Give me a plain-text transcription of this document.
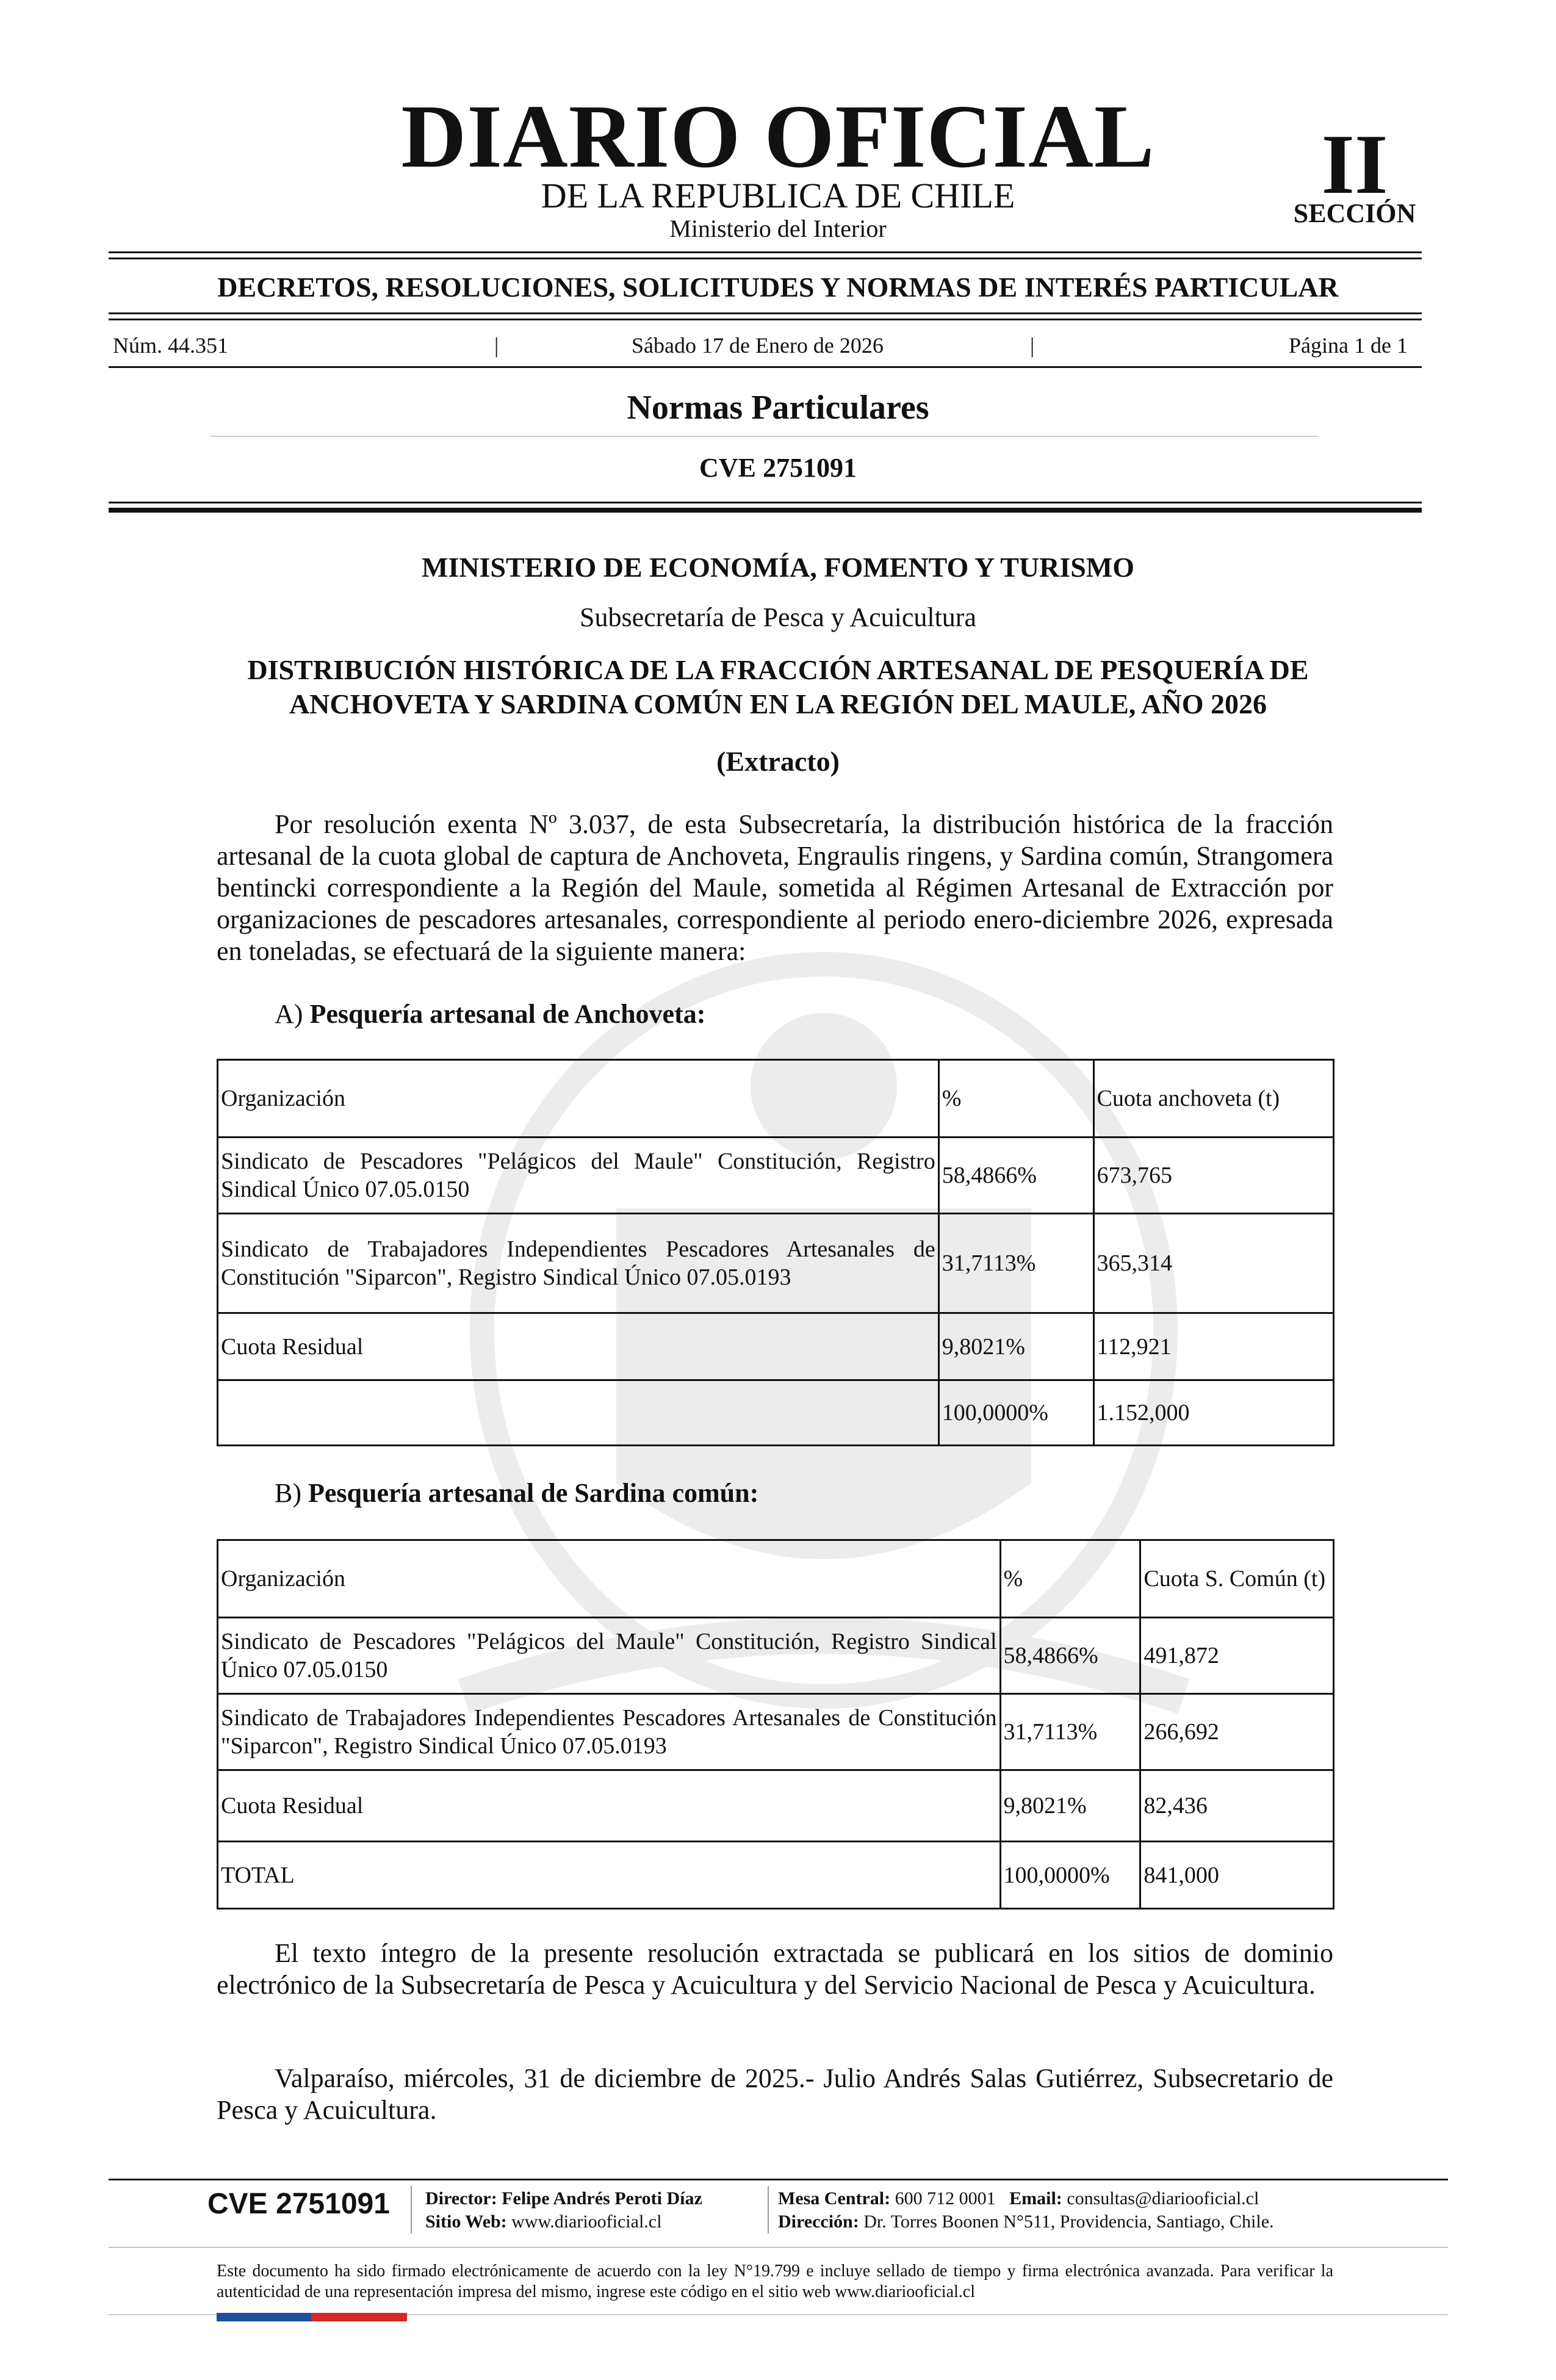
DIARIO OFICIAL
DE LA REPUBLICA DE CHILE
Ministerio del Interior
II
SECCIÓN
DECRETOS, RESOLUCIONES, SOLICITUDES Y NORMAS DE INTERÉS PARTICULAR
Núm. 44.351	|	Sábado 17 de Enero de 2026	|	Página 1 de 1
Normas Particulares
CVE 2751091
MINISTERIO DE ECONOMÍA, FOMENTO Y TURISMO
Subsecretaría de Pesca y Acuicultura
DISTRIBUCIÓN HISTÓRICA DE LA FRACCIÓN ARTESANAL DE PESQUERÍA DE
ANCHOVETA Y SARDINA COMÚN EN LA REGIÓN DEL MAULE, AÑO 2026
(Extracto)
Por resolución exenta Nº 3.037, de esta Subsecretaría, la distribución histórica de la fracción artesanal de la cuota global de captura de Anchoveta, Engraulis ringens, y Sardina común, Strangomera bentincki correspondiente a la Región del Maule, sometida al Régimen Artesanal de Extracción por organizaciones de pescadores artesanales, correspondiente al periodo enero-diciembre 2026, expresada en toneladas, se efectuará de la siguiente manera:
A) Pesquería artesanal de Anchoveta:
Organización	%	Cuota anchoveta (t)
Sindicato de Pescadores "Pelágicos del Maule" Constitución, Registro Sindical Único 07.05.0150	58,4866%	673,765
Sindicato de Trabajadores Independientes Pescadores Artesanales de Constitución "Siparcon", Registro Sindical Único 07.05.0193	31,7113%	365,314
Cuota Residual	9,8021%	112,921
	100,0000%	1.152,000
B) Pesquería artesanal de Sardina común:
Organización	%	Cuota S. Común (t)
Sindicato de Pescadores "Pelágicos del Maule" Constitución, Registro Sindical Único 07.05.0150	58,4866%	491,872
Sindicato de Trabajadores Independientes Pescadores Artesanales de Constitución "Siparcon", Registro Sindical Único 07.05.0193	31,7113%	266,692
Cuota Residual	9,8021%	82,436
TOTAL	100,0000%	841,000
El texto íntegro de la presente resolución extractada se publicará en los sitios de dominio electrónico de la Subsecretaría de Pesca y Acuicultura y del Servicio Nacional de Pesca y Acuicultura.
Valparaíso, miércoles, 31 de diciembre de 2025.- Julio Andrés Salas Gutiérrez, Subsecretario de Pesca y Acuicultura.
CVE 2751091 Director: Felipe Andrés Peroti Díaz
Sitio Web: www.diariooficial.cl
Mesa Central: 600 712 0001 Email: consultas@diariooficial.cl
Dirección: Dr. Torres Boonen N°511, Providencia, Santiago, Chile.
Este documento ha sido firmado electrónicamente de acuerdo con la ley N°19.799 e incluye sellado de tiempo y firma electrónica avanzada. Para verificar la autenticidad de una representación impresa del mismo, ingrese este código en el sitio web www.diariooficial.cl
